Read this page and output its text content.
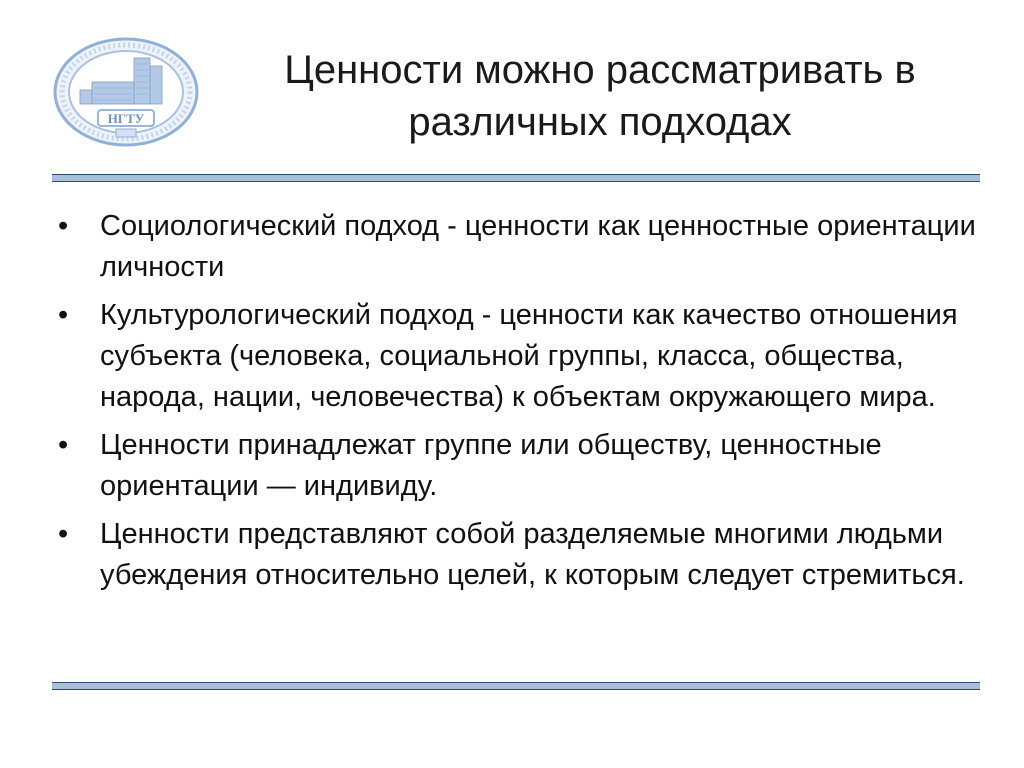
НГТУ
Ценности можно рассматривать в различных подходах
•	Социологический подход - ценности как ценностные ориентации личности
•	Культурологический подход - ценности как качество отношения субъекта (человека, социальной группы, класса, общества, народа, нации, человечества) к объектам окружающего мира.
•	Ценности принадлежат группе или обществу, ценностные ориентации — индивиду.
•	Ценности представляют собой разделяемые многими людьми убеждения относительно целей, к которым следует стремиться.
